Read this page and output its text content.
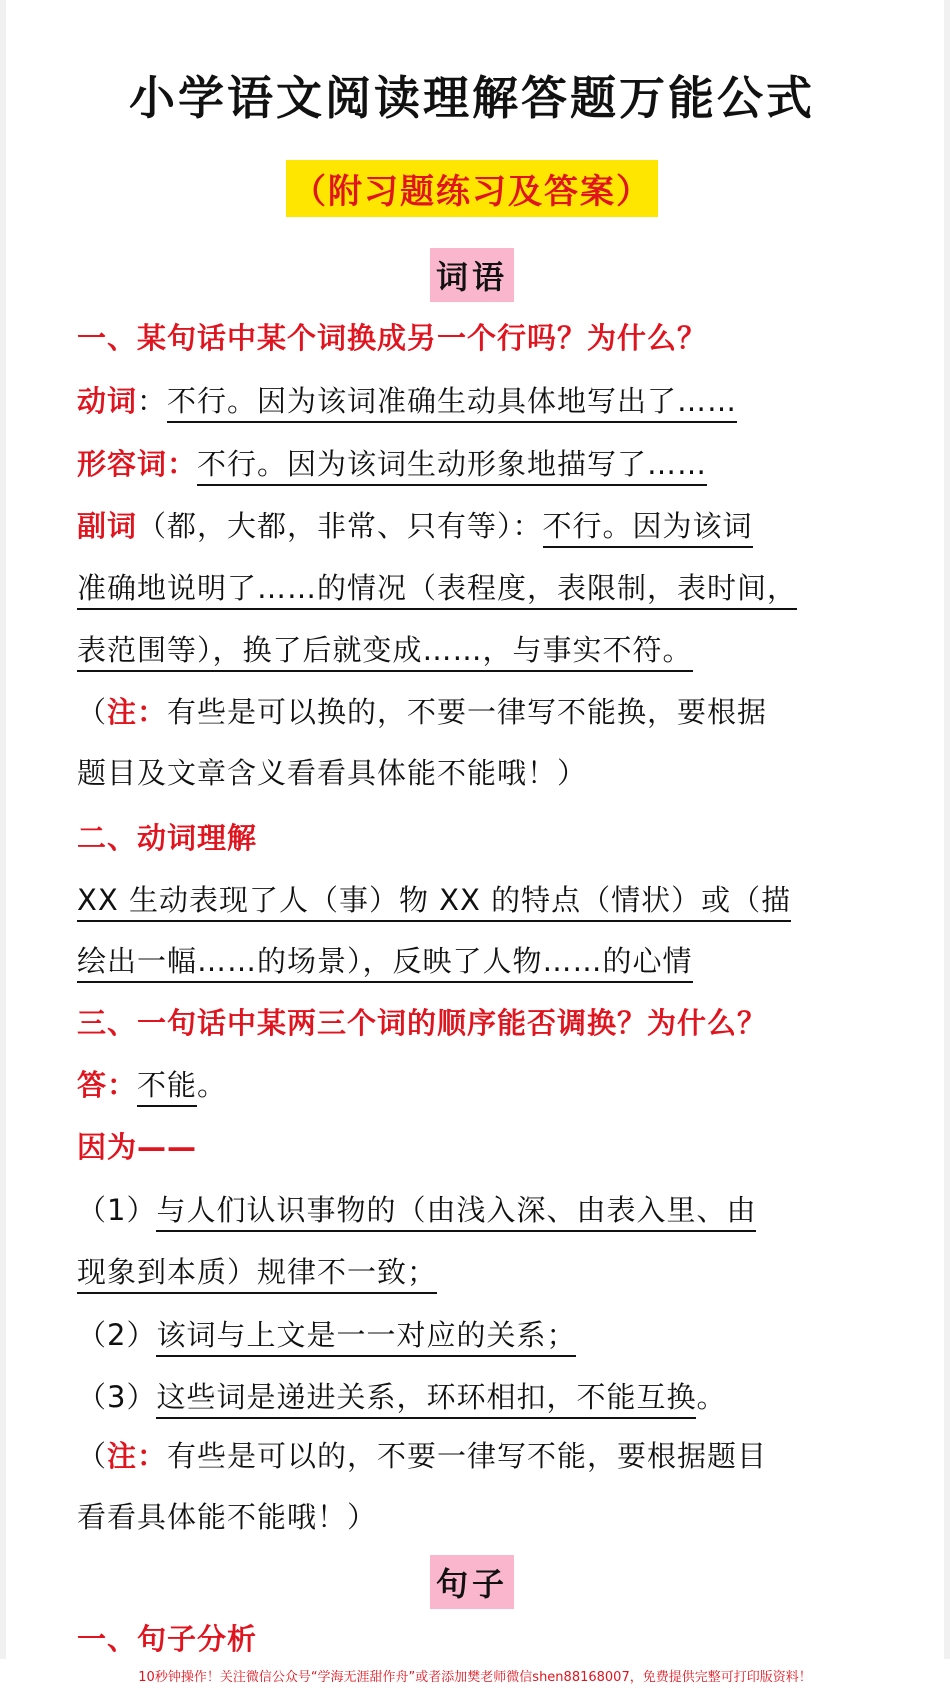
小学语文阅读理解答题万能公式
（附习题练习及答案）
词语
一、某句话中某个词换成另一个行吗？为什么？
动词：不行。因为该词准确生动具体地写出了……
形容词：不行。因为该词生动形象地描写了……
副词（都，大都，非常、只有等）：不行。因为该词
准确地说明了……的情况（表程度，表限制，表时间，
表范围等），换了后就变成……，与事实不符。
（注：有些是可以换的，不要一律写不能换，要根据
题目及文章含义看看具体能不能哦！）
二、动词理解
XX 生动表现了人（事）物 XX 的特点（情状）或（描
绘出一幅……的场景），反映了人物……的心情
三、一句话中某两三个词的顺序能否调换？为什么？
答：不能。
因为——
（1）与人们认识事物的（由浅入深、由表入里、由
现象到本质）规律不一致；
（2）该词与上文是一一对应的关系；
（3）这些词是递进关系，环环相扣，不能互换。
（注：有些是可以的，不要一律写不能，要根据题目
看看具体能不能哦！）
句子
一、句子分析
10秒钟操作！关注微信公众号“学海无涯甜作舟”或者添加樊老师微信shen88168007，免费提供完整可打印版资料！
